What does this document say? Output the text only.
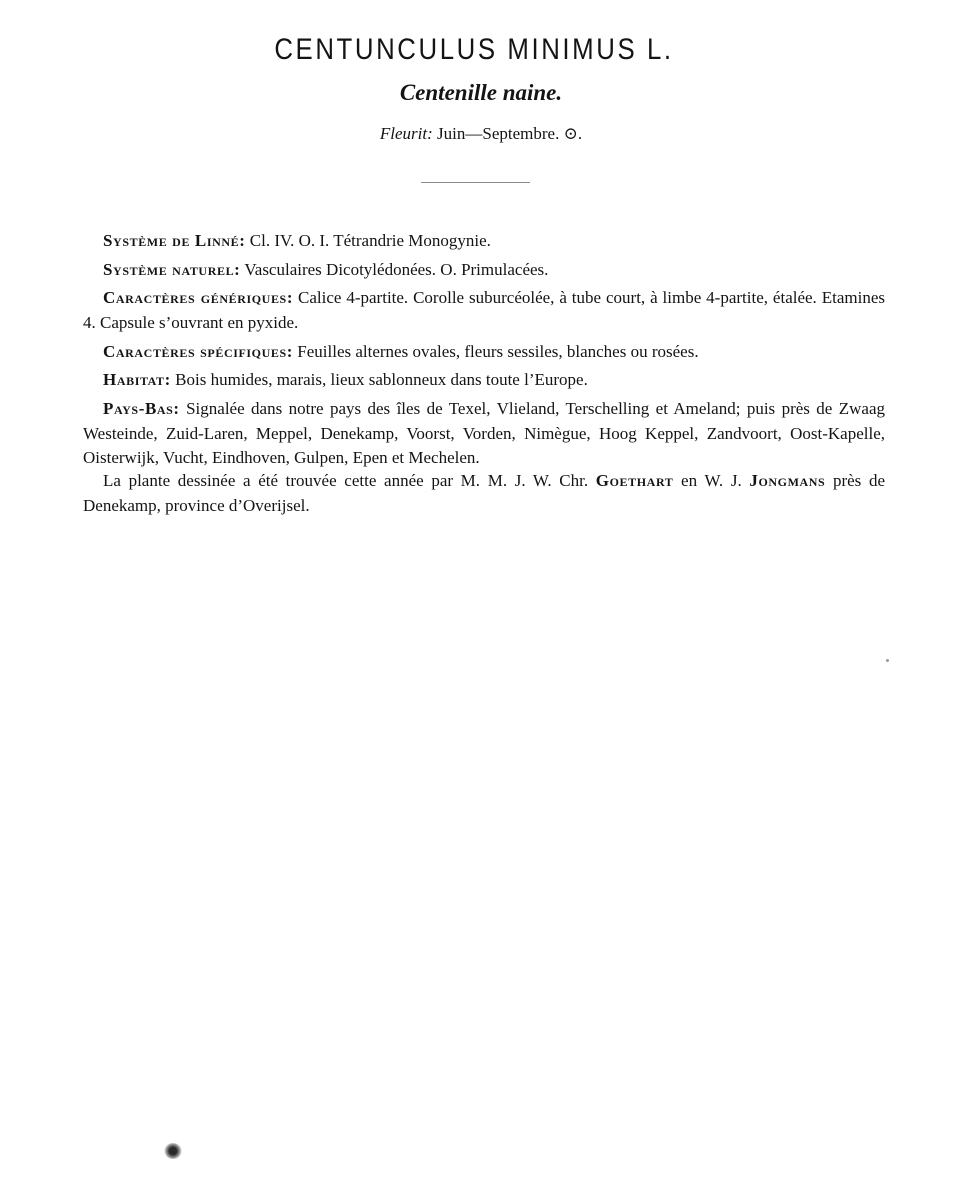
CENTUNCULUS MINIMUS L.
Centenille naine.

Fleurit: Juin—Septembre. ⊙.

Système de Linné: Cl. IV. O. I. Tétrandrie Monogynie.

Système naturel: Vasculaires Dicotylédonées. O. Primulacées.

Caractères génériques: Calice 4-partite. Corolle suburcéolée, à tube court, à limbe 4-partite, étalée. Etamines 4. Capsule s’ouvrant en pyxide.

Caractères spécifiques: Feuilles alternes ovales, fleurs sessiles, blanches ou rosées.

Habitat: Bois humides, marais, lieux sablonneux dans toute l’Europe.

Pays-Bas: Signalée dans notre pays des îles de Texel, Vlieland, Terschelling et Ameland; puis près de Zwaag Westeinde, Zuid-Laren, Meppel, Denekamp, Voorst, Vorden, Nimègue, Hoog Keppel, Zandvoort, Oost-Kapelle, Oisterwijk, Vucht, Eindhoven, Gulpen, Epen et Mechelen.

La plante dessinée a été trouvée cette année par M. M. J. W. Chr. Goethart en W. J. Jongmans près de Denekamp, province d’Overijsel.
